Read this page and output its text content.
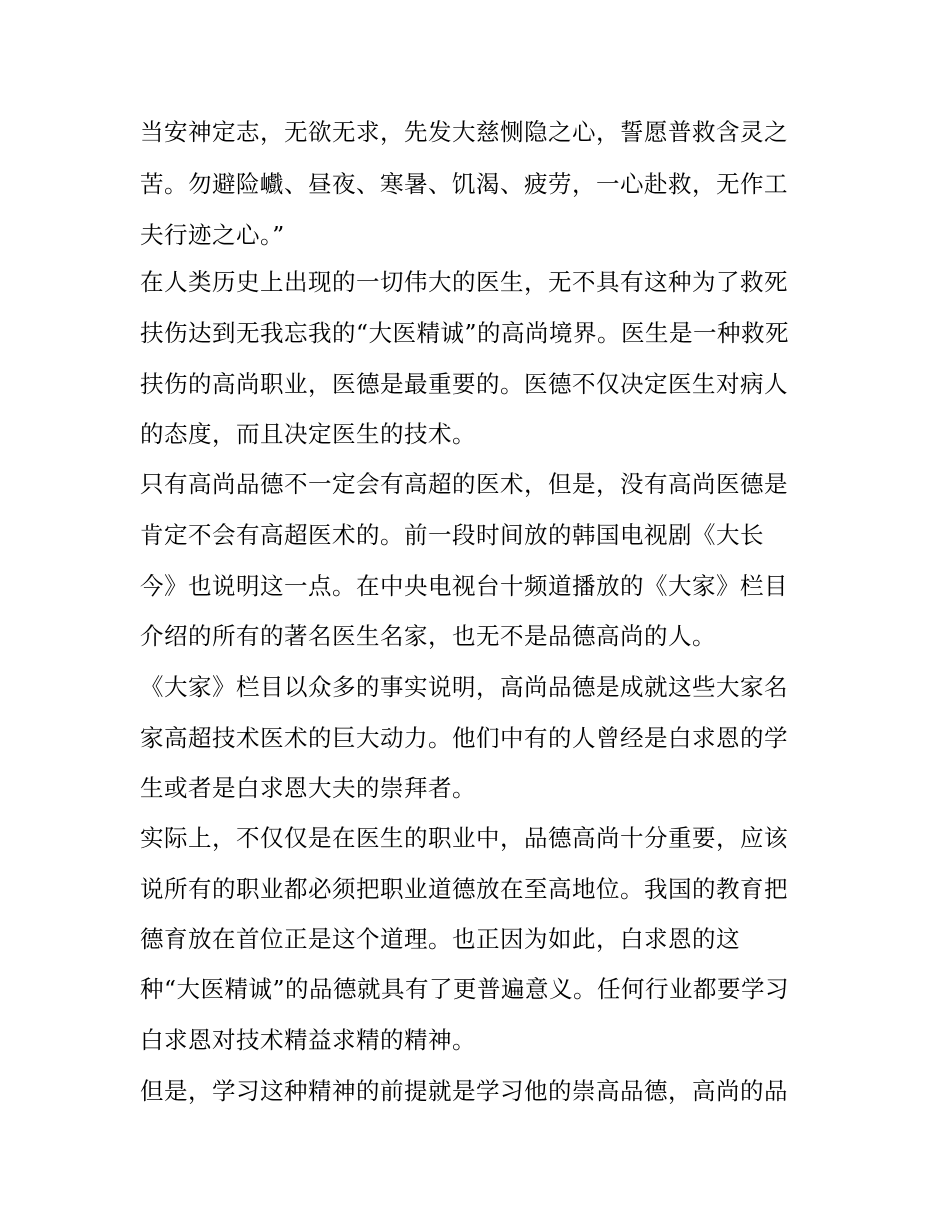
当安神定志，无欲无求，先发大慈恻隐之心，誓愿普救含灵之
苦。勿避险巇、昼夜、寒暑、饥渴、疲劳，一心赴救，无作工
夫行迹之心。”
在人类历史上出现的一切伟大的医生，无不具有这种为了救死
扶伤达到无我忘我的“大医精诚”的高尚境界。医生是一种救死
扶伤的高尚职业，医德是最重要的。医德不仅决定医生对病人
的态度，而且决定医生的技术。
只有高尚品德不一定会有高超的医术，但是，没有高尚医德是
肯定不会有高超医术的。前一段时间放的韩国电视剧《大长
今》也说明这一点。在中央电视台十频道播放的《大家》栏目
介绍的所有的著名医生名家，也无不是品德高尚的人。
《大家》栏目以众多的事实说明，高尚品德是成就这些大家名
家高超技术医术的巨大动力。他们中有的人曾经是白求恩的学
生或者是白求恩大夫的崇拜者。
实际上，不仅仅是在医生的职业中，品德高尚十分重要，应该
说所有的职业都必须把职业道德放在至高地位。我国的教育把
德育放在首位正是这个道理。也正因为如此，白求恩的这
种“大医精诚”的品德就具有了更普遍意义。任何行业都要学习
白求恩对技术精益求精的精神。
但是，学习这种精神的前提就是学习他的崇高品德，高尚的品
